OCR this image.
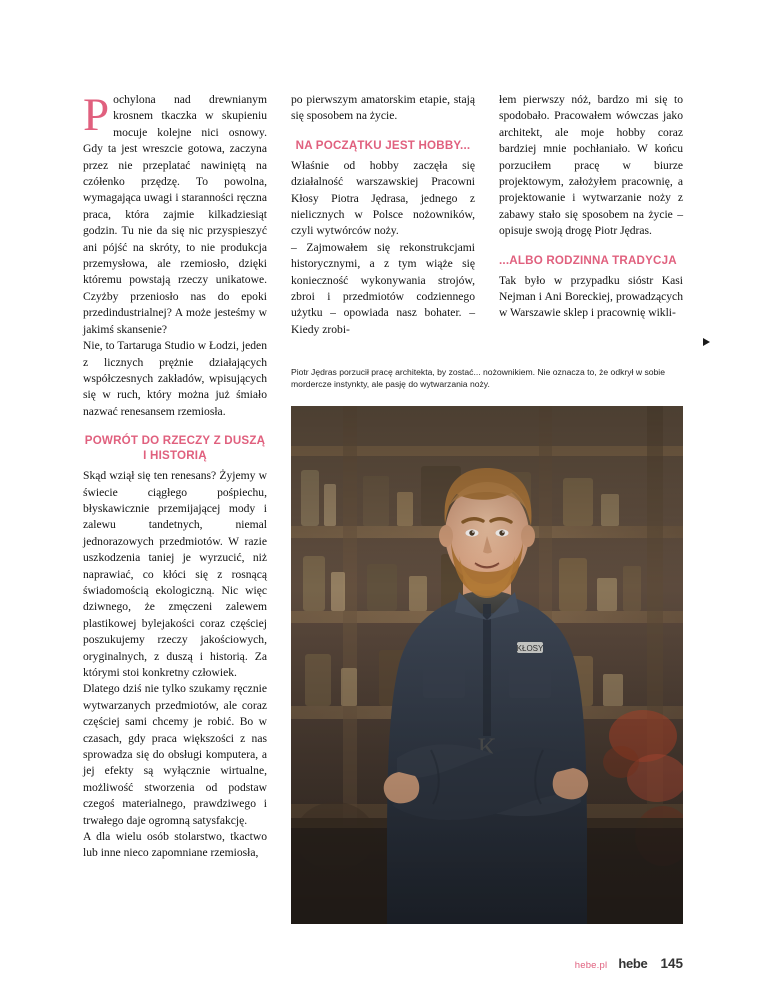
Pochylona nad drewnianym krosnem tkaczka w skupieniu mocuje kolejne nici osnowy. Gdy ta jest wreszcie gotowa, zaczyna przez nie przeplatać nawiniętą na czółenko przędzę. To powolna, wymagająca uwagi i staranności ręczna praca, która zajmie kilkadziesiąt godzin. Tu nie da się nic przyspieszyć ani pójść na skróty, to nie produkcja przemysłowa, ale rzemiosło, dzięki któremu powstają rzeczy unikatowe. Czyżby przeniosło nas do epoki przedindustrialnej? A może jesteśmy w jakimś skansenie?

Nie, to Tartaruga Studio w Łodzi, jeden z licznych prężnie działających współczesnych zakładów, wpisujących się w ruch, który można już śmiało nazwać renesansem rzemiosła.

POWRÓT DO RZECZY Z DUSZĄ I HISTORIĄ

Skąd wziął się ten renesans? Żyjemy w świecie ciągłego pośpiechu, błyskawicznie przemijającej mody i zalewu tandetnych, niemal jednorazowych przedmiotów. W razie uszkodzenia taniej je wyrzucić, niż naprawiać, co kłóci się z rosnącą świadomością ekologiczną. Nic więc dziwnego, że zmęczeni zalewem plastikowej bylejakości coraz częściej poszukujemy rzeczy jakościowych, oryginalnych, z duszą i historią. Za którymi stoi konkretny człowiek.

Dlatego dziś nie tylko szukamy ręcznie wytwarzanych przedmiotów, ale coraz częściej sami chcemy je robić. Bo w czasach, gdy praca większości z nas sprowadza się do obsługi komputera, a jej efekty są wyłącznie wirtualne, możliwość stworzenia od podstaw czegoś materialnego, prawdziwego i trwałego daje ogromną satysfakcję.

A dla wielu osób stolarstwo, tkactwo lub inne nieco zapomniane rzemiosła,

po pierwszym amatorskim etapie, stają się sposobem na życie.

NA POCZĄTKU JEST HOBBY...

Właśnie od hobby zaczęła się działalność warszawskiej Pracowni Kłosy Piotra Jędrasa, jednego z nielicznych w Polsce nożowników, czyli wytwórców noży.

– Zajmowałem się rekonstrukcjami historycznymi, a z tym wiąże się konieczność wykonywania strojów, zbroi i przedmiotów codziennego użytku – opowiada nasz bohater. – Kiedy zrobi-

łem pierwszy nóż, bardzo mi się to spodobało. Pracowałem wówczas jako architekt, ale moje hobby coraz bardziej mnie pochłaniało. W końcu porzuciłem pracę w biurze projektowym, założyłem pracownię, a projektowanie i wytwarzanie noży z zabawy stało się sposobem na życie – opisuje swoją drogę Piotr Jędras.

...ALBO RODZINNA TRADYCJA

Tak było w przypadku sióstr Kasi Nejman i Ani Boreckiej, prowadzących w Warszawie sklep i pracownię wikli-

Piotr Jędras porzucił pracę architekta, by zostać... nożownikiem. Nie oznacza to, że odkrył w sobie mordercze instynkty, ale pasję do wytwarzania noży.
hebe.pl hebe 145
